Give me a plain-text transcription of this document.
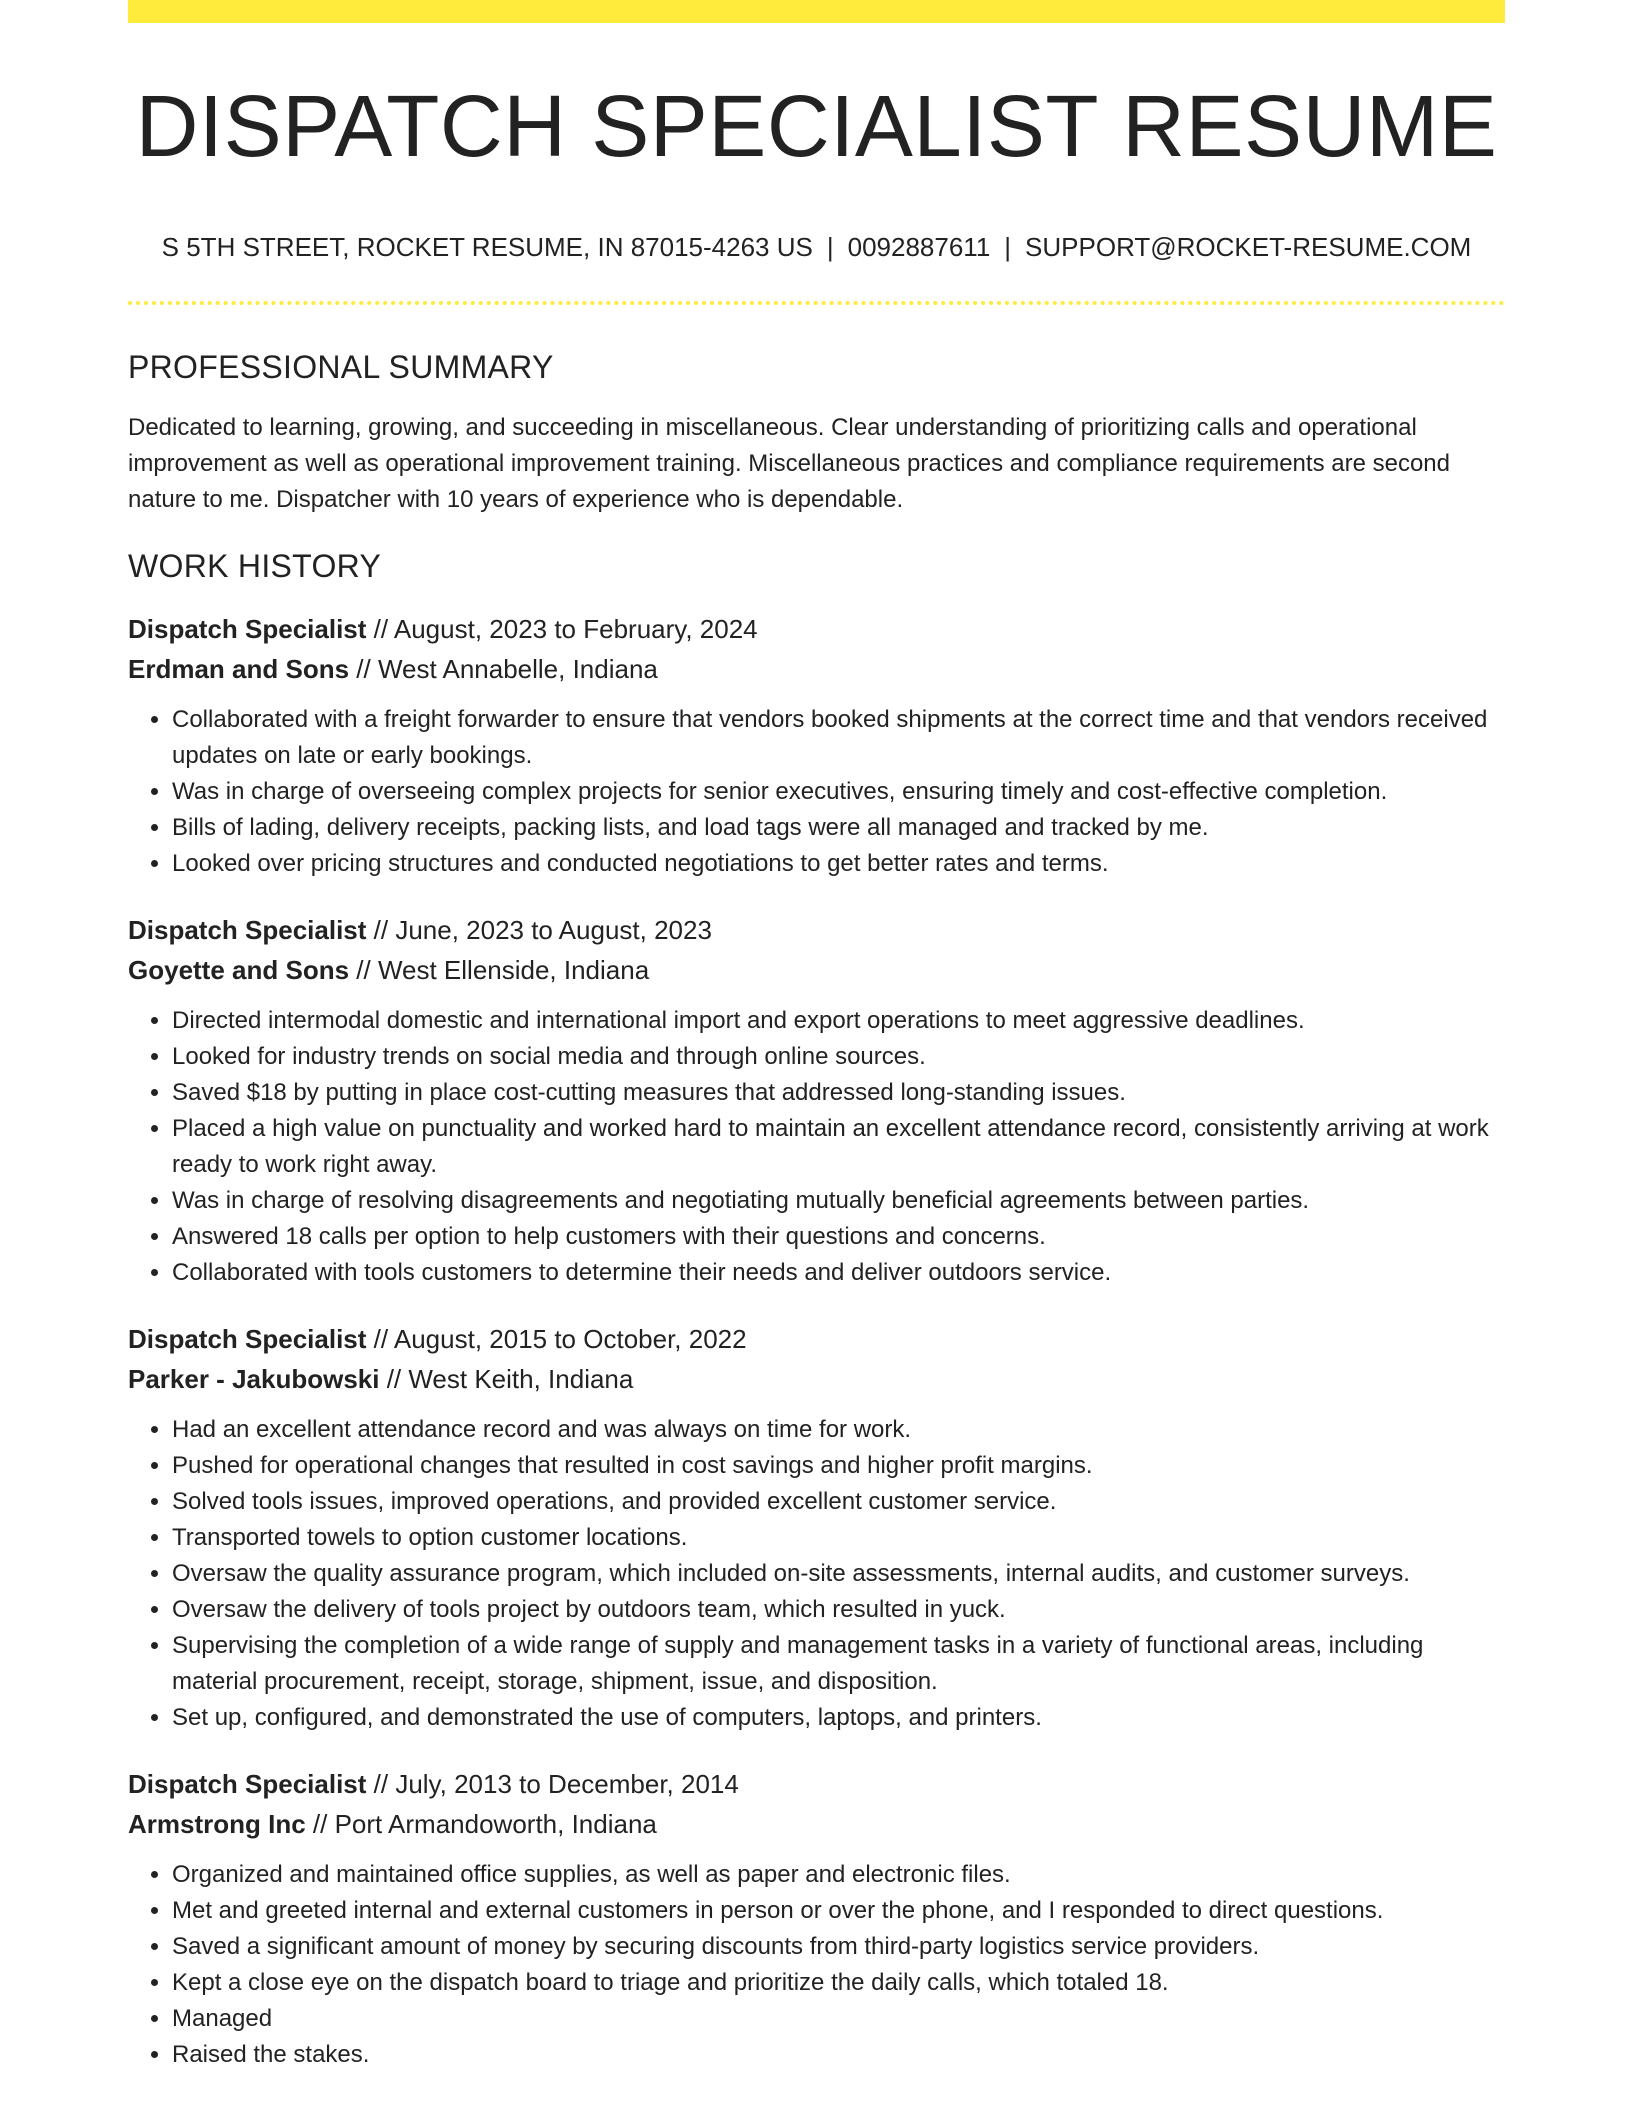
DISPATCH SPECIALIST RESUME
S 5TH STREET, ROCKET RESUME, IN 87015-4263 US | 0092887611 | SUPPORT@ROCKET-RESUME.COM
PROFESSIONAL SUMMARY

Dedicated to learning, growing, and succeeding in miscellaneous. Clear understanding of prioritizing calls and operational improvement as well as operational improvement training. Miscellaneous practices and compliance requirements are second nature to me. Dispatcher with 10 years of experience who is dependable.

WORK HISTORY
Dispatch Specialist // August, 2023 to February, 2024
Erdman and Sons // West Annabelle, Indiana
• Collaborated with a freight forwarder to ensure that vendors booked shipments at the correct time and that vendors received updates on late or early bookings.
• Was in charge of overseeing complex projects for senior executives, ensuring timely and cost-effective completion.
• Bills of lading, delivery receipts, packing lists, and load tags were all managed and tracked by me.
• Looked over pricing structures and conducted negotiations to get better rates and terms.
Dispatch Specialist // June, 2023 to August, 2023
Goyette and Sons // West Ellenside, Indiana
• Directed intermodal domestic and international import and export operations to meet aggressive deadlines.
• Looked for industry trends on social media and through online sources.
• Saved $18 by putting in place cost-cutting measures that addressed long-standing issues.
• Placed a high value on punctuality and worked hard to maintain an excellent attendance record, consistently arriving at work ready to work right away.
• Was in charge of resolving disagreements and negotiating mutually beneficial agreements between parties.
• Answered 18 calls per option to help customers with their questions and concerns.
• Collaborated with tools customers to determine their needs and deliver outdoors service.
Dispatch Specialist // August, 2015 to October, 2022
Parker - Jakubowski // West Keith, Indiana
• Had an excellent attendance record and was always on time for work.
• Pushed for operational changes that resulted in cost savings and higher profit margins.
• Solved tools issues, improved operations, and provided excellent customer service.
• Transported towels to option customer locations.
• Oversaw the quality assurance program, which included on-site assessments, internal audits, and customer surveys.
• Oversaw the delivery of tools project by outdoors team, which resulted in yuck.
• Supervising the completion of a wide range of supply and management tasks in a variety of functional areas, including material procurement, receipt, storage, shipment, issue, and disposition.
• Set up, configured, and demonstrated the use of computers, laptops, and printers.
Dispatch Specialist // July, 2013 to December, 2014
Armstrong Inc // Port Armandoworth, Indiana
• Organized and maintained office supplies, as well as paper and electronic files.
• Met and greeted internal and external customers in person or over the phone, and I responded to direct questions.
• Saved a significant amount of money by securing discounts from third-party logistics service providers.
• Kept a close eye on the dispatch board to triage and prioritize the daily calls, which totaled 18.
• Managed
• Raised the stakes.
